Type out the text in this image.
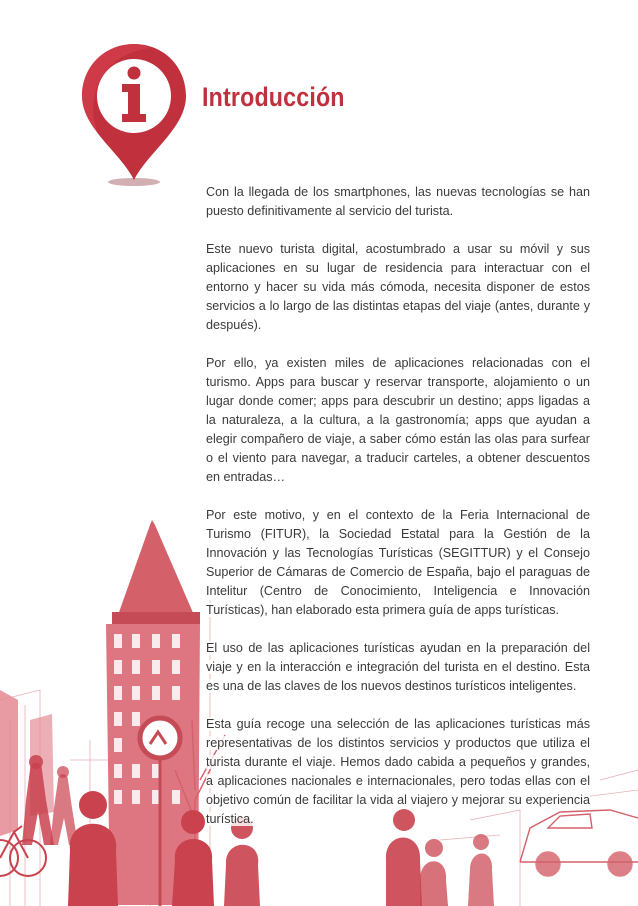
Introducción

Con la llegada de los smartphones, las nuevas tecnologías se han puesto definitivamente al servicio del turista.

Este nuevo turista digital, acostumbrado a usar su móvil y sus aplicaciones en su lugar de residencia para interactuar con el entorno y hacer su vida más cómoda, necesita disponer de estos servicios a lo largo de las distintas etapas del viaje (antes, durante y después).

Por ello, ya existen miles de aplicaciones relacionadas con el turismo. Apps para buscar y reservar transporte, alojamiento o un lugar donde comer; apps para descubrir un destino; apps ligadas a la naturaleza, a la cultura, a la gastronomía; apps que ayudan a elegir compañero de viaje, a saber cómo están las olas para surfear o el viento para navegar, a traducir carteles, a obtener descuentos en entradas…

Por este motivo, y en el contexto de la Feria Internacional de Turismo (FITUR), la Sociedad Estatal para la Gestión de la Innovación y las Tecnologías Turísticas (SEGITTUR) y el Consejo Superior de Cámaras de Comercio de España, bajo el paraguas de Intelitur (Centro de Conocimiento, Inteligencia e Innovación Turísticas), han elaborado esta primera guía de apps turísticas.

El uso de las aplicaciones turísticas ayudan en la preparación del viaje y en la interacción e integración del turista en el destino. Esta es una de las claves de los nuevos destinos turísticos inteligentes.

Esta guía recoge una selección de las aplicaciones turísticas más representativas de los distintos servicios y productos que utiliza el turista durante el viaje. Hemos dado cabida a pequeños y grandes, a aplicaciones nacionales e internacionales, pero todas ellas con el objetivo común de facilitar la vida al viajero y mejorar su experiencia turística.
